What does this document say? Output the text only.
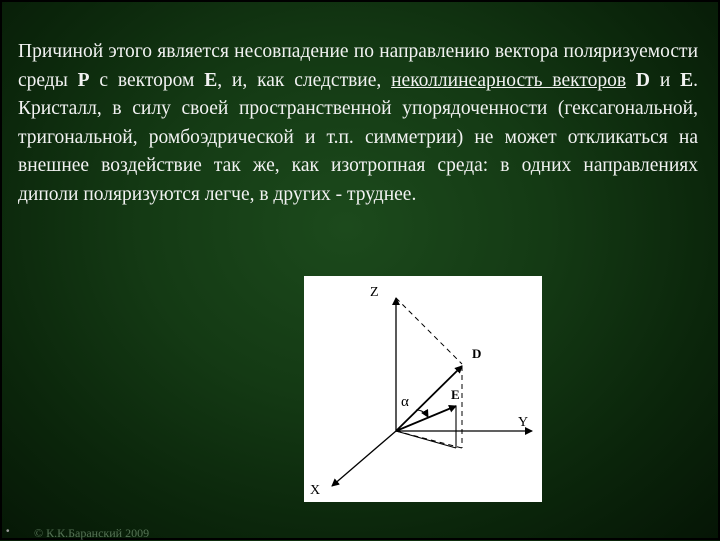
Причиной этого является несовпадение по направлению вектора поляризуемости среды P с вектором E, и, как следствие, неколлинеарность векторов D и E. Кристалл, в силу своей пространственной упорядоченности (гексагональной, тригональной, ромбоэдрической и т.п. симметрии) не может откликаться на внешнее воздействие так же, как изотропная среда: в одних направлениях диполи поляризуются легче, в других - труднее.

Z
D
α	E
Y
X
• © К.К.Баранский 2009
